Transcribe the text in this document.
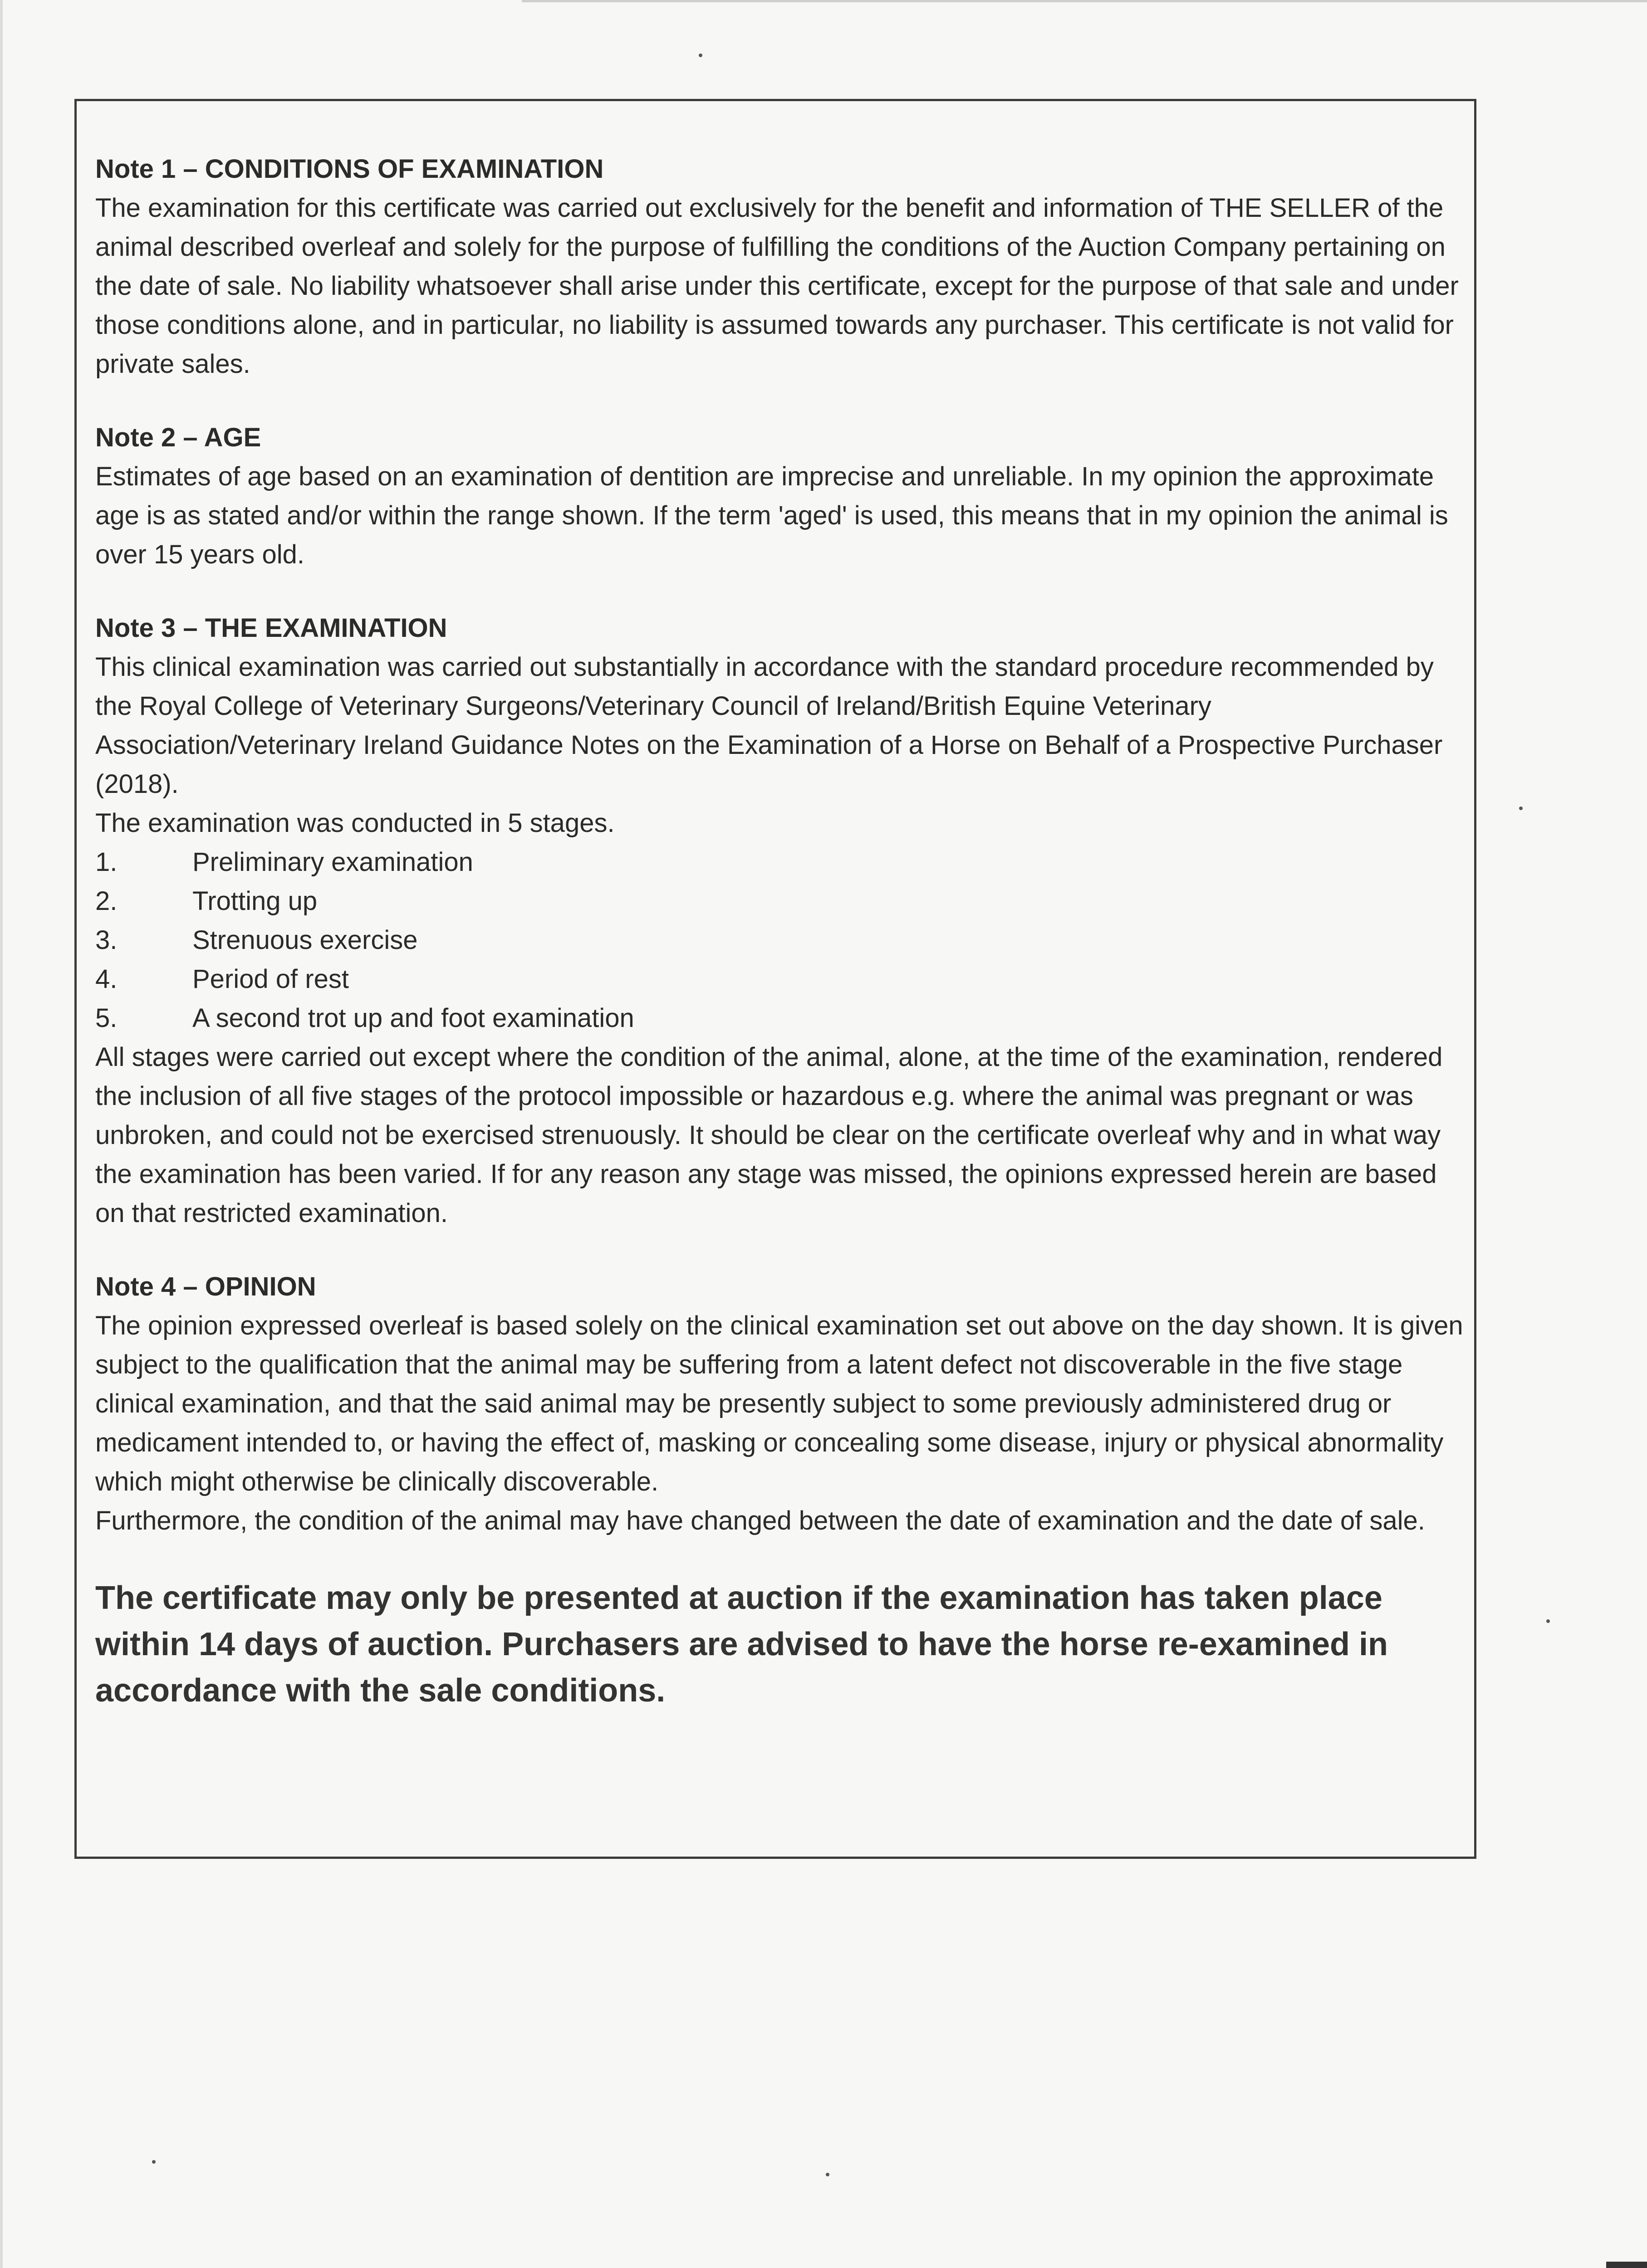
Note 1 – CONDITIONS OF EXAMINATION

The examination for this certificate was carried out exclusively for the benefit and information of THE SELLER of the animal described overleaf and solely for the purpose of fulfilling the conditions of the Auction Company pertaining on the date of sale. No liability whatsoever shall arise under this certificate, except for the purpose of that sale and under those conditions alone, and in particular, no liability is assumed towards any purchaser. This certificate is not valid for private sales.

Note 2 – AGE

Estimates of age based on an examination of dentition are imprecise and unreliable. In my opinion the approximate age is as stated and/or within the range shown. If the term 'aged' is used, this means that in my opinion the animal is over 15 years old.

Note 3 – THE EXAMINATION

This clinical examination was carried out substantially in accordance with the standard procedure recommended by the Royal College of Veterinary Surgeons/Veterinary Council of Ireland/British Equine Veterinary Association/Veterinary Ireland Guidance Notes on the Examination of a Horse on Behalf of a Prospective Purchaser (2018).

The examination was conducted in 5 stages.

1.	Preliminary examination
2.	Trotting up
3.	Strenuous exercise
4.	Period of rest
5.	A second trot up and foot examination

All stages were carried out except where the condition of the animal, alone, at the time of the examination, rendered the inclusion of all five stages of the protocol impossible or hazardous e.g. where the animal was pregnant or was unbroken, and could not be exercised strenuously. It should be clear on the certificate overleaf why and in what way the examination has been varied. If for any reason any stage was missed, the opinions expressed herein are based on that restricted examination.

Note 4 – OPINION

The opinion expressed overleaf is based solely on the clinical examination set out above on the day shown. It is given subject to the qualification that the animal may be suffering from a latent defect not discoverable in the five stage clinical examination, and that the said animal may be presently subject to some previously administered drug or medicament intended to, or having the effect of, masking or concealing some disease, injury or physical abnormality which might otherwise be clinically discoverable.

Furthermore, the condition of the animal may have changed between the date of examination and the date of sale.

The certificate may only be presented at auction if the examination has taken place within 14 days of auction. Purchasers are advised to have the horse re-examined in accordance with the sale conditions.
